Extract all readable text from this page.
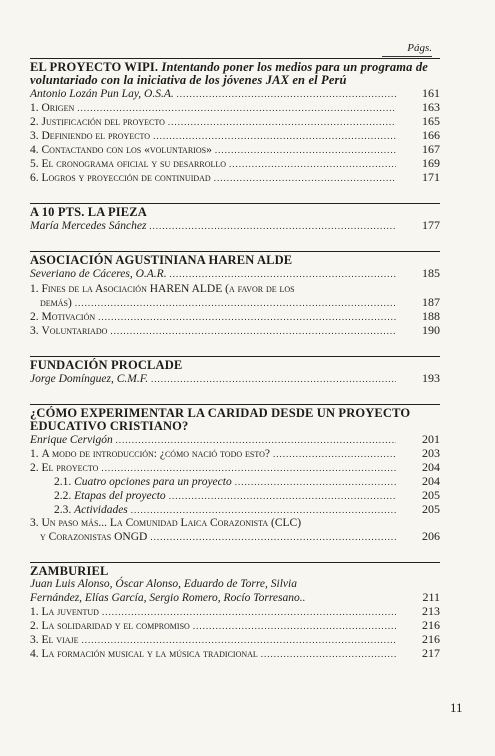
Págs.
EL PROYECTO WIPI. Intentando poner los medios para un programa de voluntariado con la iniciativa de los jóvenes JAX en el Perú
Antonio Lozán Pun Lay, O.S.A. .....	161
1. Origen .....	163
2. Justificación del proyecto .....	165
3. Definiendo el proyecto .....	166
4. Contactando con los «voluntarios» .....	167
5. El cronograma oficial y su desarrollo .....	169
6. Logros y proyección de continuidad .....	171
A 10 PTS. LA PIEZA
María Mercedes Sánchez .....	177
ASOCIACIÓN AGUSTINIANA HAREN ALDE
Severiano de Cáceres, O.A.R. .....	185
1. Fines de la Asociación HAREN ALDE (a favor de los
demás) .....	187
2. Motivación .....	188
3. Voluntariado .....	190
FUNDACIÓN PROCLADE
Jorge Domínguez, C.M.F. .....	193
¿CÓMO EXPERIMENTAR LA CARIDAD DESDE UN PROYECTO EDUCATIVO CRISTIANO?
Enrique Cervigón .....	201
1. A modo de introducción: ¿cómo nació todo esto? .....	203
2. El proyecto .....	204
2.1. Cuatro opciones para un proyecto .....	204
2.2. Etapas del proyecto .....	205
2.3. Actividades .....	205
3. Un paso más... La Comunidad Laica Corazonista (CLC)
y Corazonistas ONGD .....	206
ZAMBURIEL
Juan Luis Alonso, Óscar Alonso, Eduardo de Torre, Silvia
Fernández, Elías García, Sergio Romero, Rocío Torresano..	211
1. La juventud .....	213
2. La solidaridad y el compromiso .....	216
3. El viaje .....	216
4. La formación musical y la música tradicional .....	217
11
